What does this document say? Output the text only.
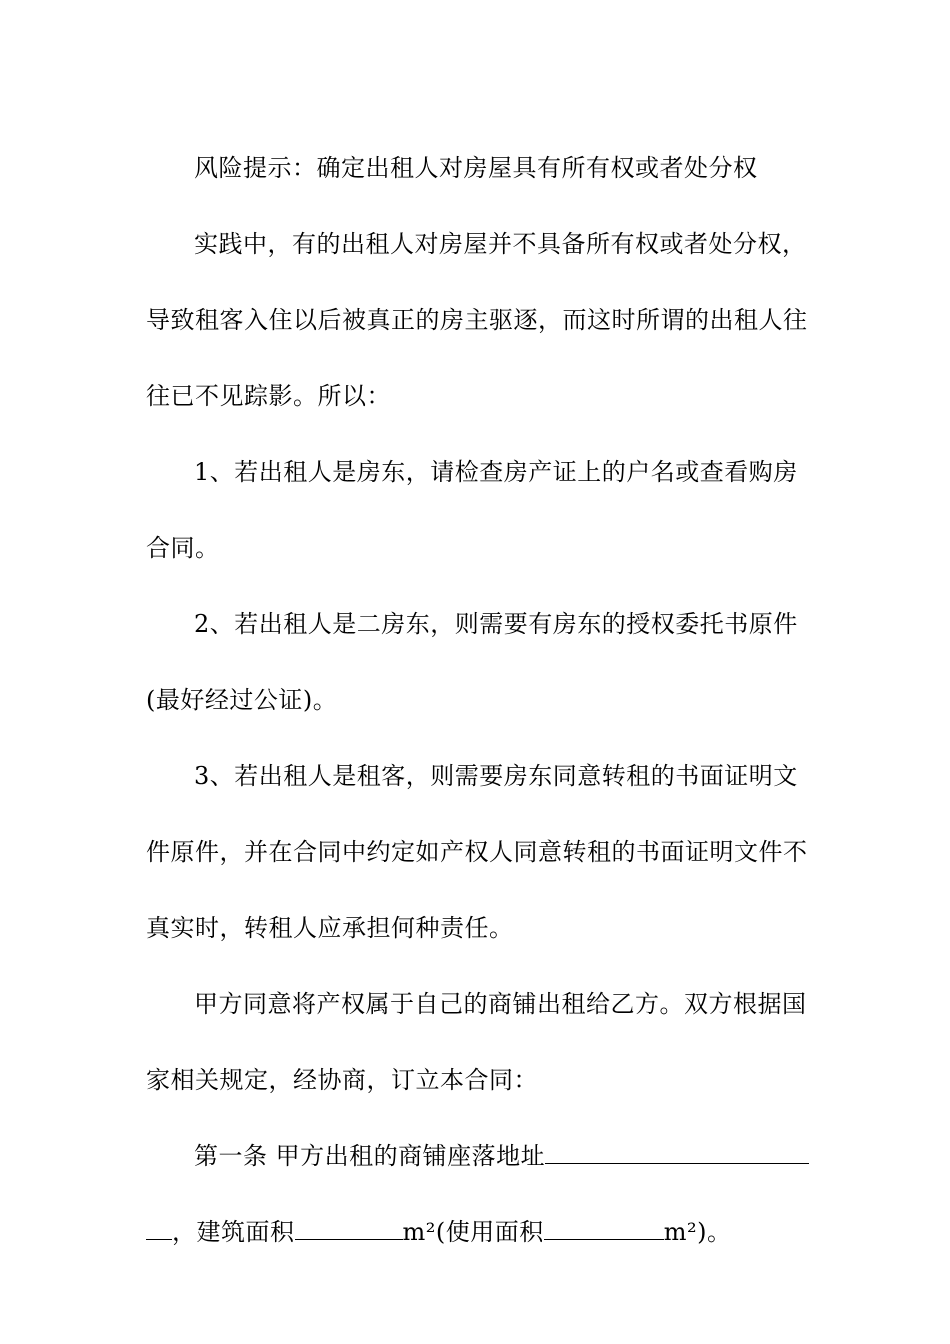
风险提示：确定出租人对房屋具有所有权或者处分权

实践中，有的出租人对房屋并不具备所有权或者处分权，导致租客入住以后被真正的房主驱逐，而这时所谓的出租人往往已不见踪影。所以：

1、若出租人是房东，请检查房产证上的户名或查看购房合同。

2、若出租人是二房东，则需要有房东的授权委托书原件(最好经过公证)。

3、若出租人是租客，则需要房东同意转租的书面证明文件原件，并在合同中约定如产权人同意转租的书面证明文件不真实时，转租人应承担何种责任。

甲方同意将产权属于自己的商铺出租给乙方。双方根据国家相关规定，经协商，订立本合同：

第一条 甲方出租的商铺座落地址，建筑面积	m²(使用面积	m²)。
